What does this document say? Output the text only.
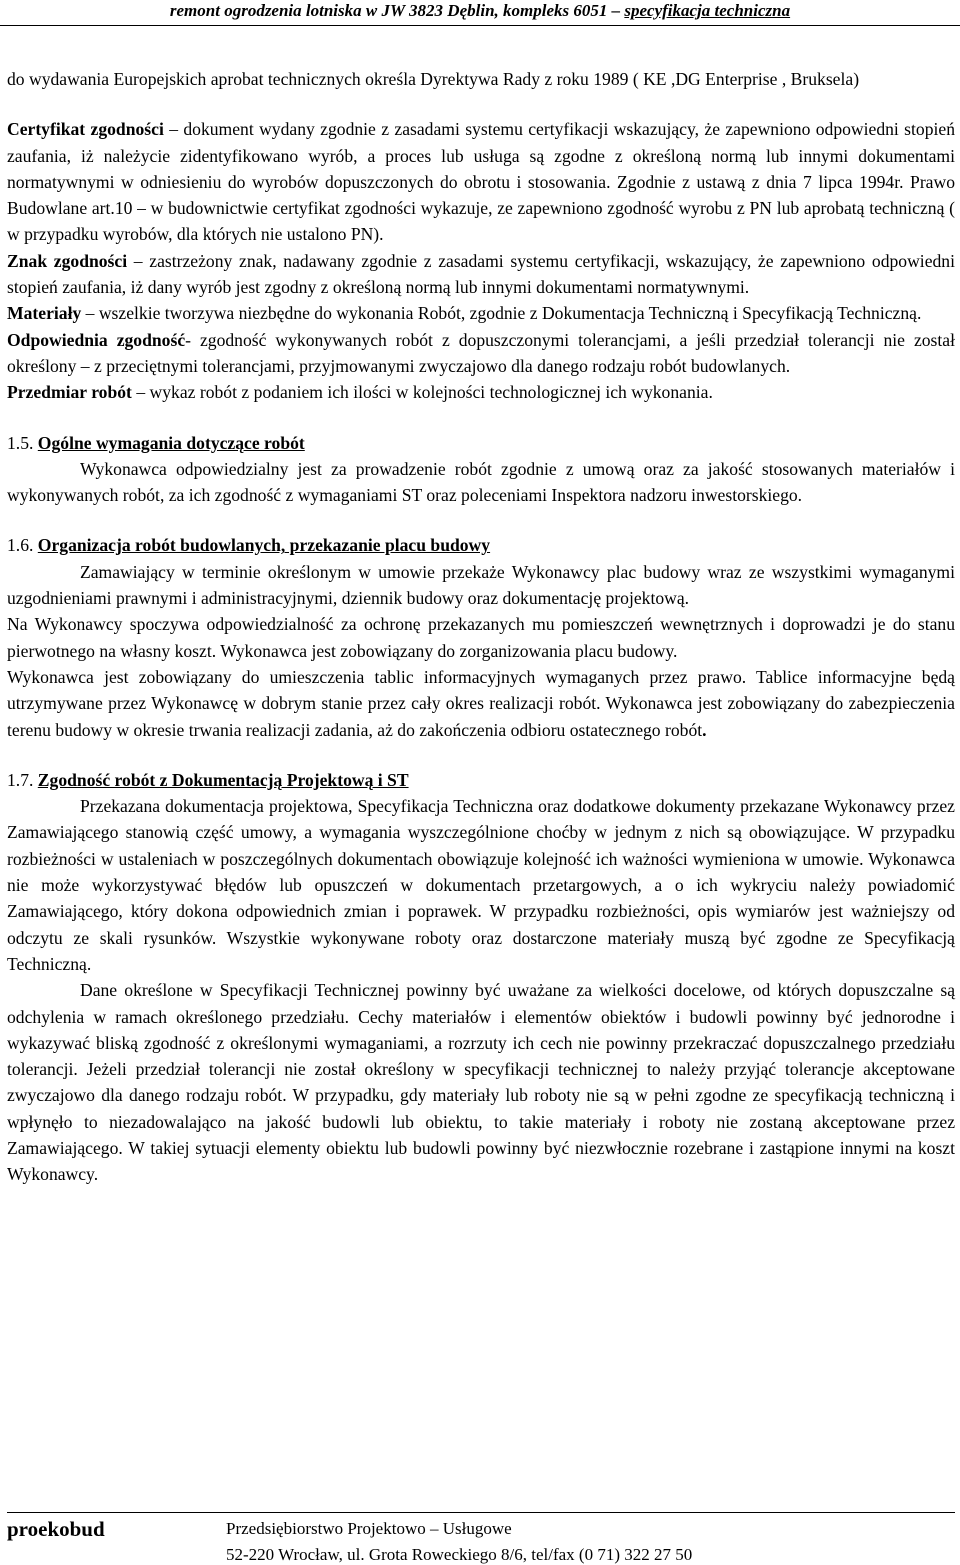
remont ogrodzenia lotniska w JW 3823 Dęblin, kompleks 6051 – specyfikacja techniczna

do wydawania Europejskich aprobat technicznych określa Dyrektywa Rady z roku 1989 ( KE ,DG Enterprise , Bruksela)

Certyfikat zgodności – dokument wydany zgodnie z zasadami systemu certyfikacji wskazujący, że zapewniono odpowiedni stopień zaufania, iż należycie zidentyfikowano wyrób, a proces lub usługa są zgodne z określoną normą lub innymi dokumentami normatywnymi w odniesieniu do wyrobów dopuszczonych do obrotu i stosowania. Zgodnie z ustawą z dnia 7 lipca 1994r. Prawo Budowlane art.10 – w budownictwie certyfikat zgodności wykazuje, ze zapewniono zgodność wyrobu z PN lub aprobatą techniczną ( w przypadku wyrobów, dla których nie ustalono PN).

Znak zgodności – zastrzeżony znak, nadawany zgodnie z zasadami systemu certyfikacji, wskazujący, że zapewniono odpowiedni stopień zaufania, iż dany wyrób jest zgodny z określoną normą lub innymi dokumentami normatywnymi.

Materiały – wszelkie tworzywa niezbędne do wykonania Robót, zgodnie z Dokumentacja Techniczną i Specyfikacją Techniczną.

Odpowiednia zgodność- zgodność wykonywanych robót z dopuszczonymi tolerancjami, a jeśli przedział tolerancji nie został określony – z przeciętnymi tolerancjami, przyjmowanymi zwyczajowo dla danego rodzaju robót budowlanych.

Przedmiar robót – wykaz robót z podaniem ich ilości w kolejności technologicznej ich wykonania.

1.5. Ogólne wymagania dotyczące robót

Wykonawca odpowiedzialny jest za prowadzenie robót zgodnie z umową oraz za jakość stosowanych materiałów i wykonywanych robót, za ich zgodność z wymaganiami ST oraz poleceniami Inspektora nadzoru inwestorskiego.

1.6. Organizacja robót budowlanych, przekazanie placu budowy

Zamawiający w terminie określonym w umowie przekaże Wykonawcy plac budowy wraz ze wszystkimi wymaganymi uzgodnieniami prawnymi i administracyjnymi, dziennik budowy oraz dokumentację projektową.

Na Wykonawcy spoczywa odpowiedzialność za ochronę przekazanych mu pomieszczeń wewnętrznych i doprowadzi je do stanu pierwotnego na własny koszt. Wykonawca jest zobowiązany do zorganizowania placu budowy.

Wykonawca jest zobowiązany do umieszczenia tablic informacyjnych wymaganych przez prawo. Tablice informacyjne będą utrzymywane przez Wykonawcę w dobrym stanie przez cały okres realizacji robót. Wykonawca jest zobowiązany do zabezpieczenia terenu budowy w okresie trwania realizacji zadania, aż do zakończenia odbioru ostatecznego robót.

1.7. Zgodność robót z Dokumentacją Projektową i ST

Przekazana dokumentacja projektowa, Specyfikacja Techniczna oraz dodatkowe dokumenty przekazane Wykonawcy przez Zamawiającego stanowią część umowy, a wymagania wyszczególnione choćby w jednym z nich są obowiązujące. W przypadku rozbieżności w ustaleniach w poszczególnych dokumentach obowiązuje kolejność ich ważności wymieniona w umowie. Wykonawca nie może wykorzystywać błędów lub opuszczeń w dokumentach przetargowych, a o ich wykryciu należy powiadomić Zamawiającego, który dokona odpowiednich zmian i poprawek. W przypadku rozbieżności, opis wymiarów jest ważniejszy od odczytu ze skali rysunków. Wszystkie wykonywane roboty oraz dostarczone materiały muszą być zgodne ze Specyfikacją Techniczną.

Dane określone w Specyfikacji Technicznej powinny być uważane za wielkości docelowe, od których dopuszczalne są odchylenia w ramach określonego przedziału. Cechy materiałów i elementów obiektów i budowli powinny być jednorodne i wykazywać bliską zgodność z określonymi wymaganiami, a rozrzuty ich cech nie powinny przekraczać dopuszczalnego przedziału tolerancji. Jeżeli przedział tolerancji nie został określony w specyfikacji technicznej to należy przyjąć tolerancje akceptowane zwyczajowo dla danego rodzaju robót. W przypadku, gdy materiały lub roboty nie są w pełni zgodne ze specyfikacją techniczną i wpłynęło to niezadowalająco na jakość budowli lub obiektu, to takie materiały i roboty nie zostaną akceptowane przez Zamawiającego. W takiej sytuacji elementy obiektu lub budowli powinny być niezwłocznie rozebrane i zastąpione innymi na koszt Wykonawcy.

proekobud	Przedsiębiorstwo Projektowo – Usługowe
52-220 Wrocław, ul. Grota Roweckiego 8/6, tel/fax (0 71) 322 27 50
